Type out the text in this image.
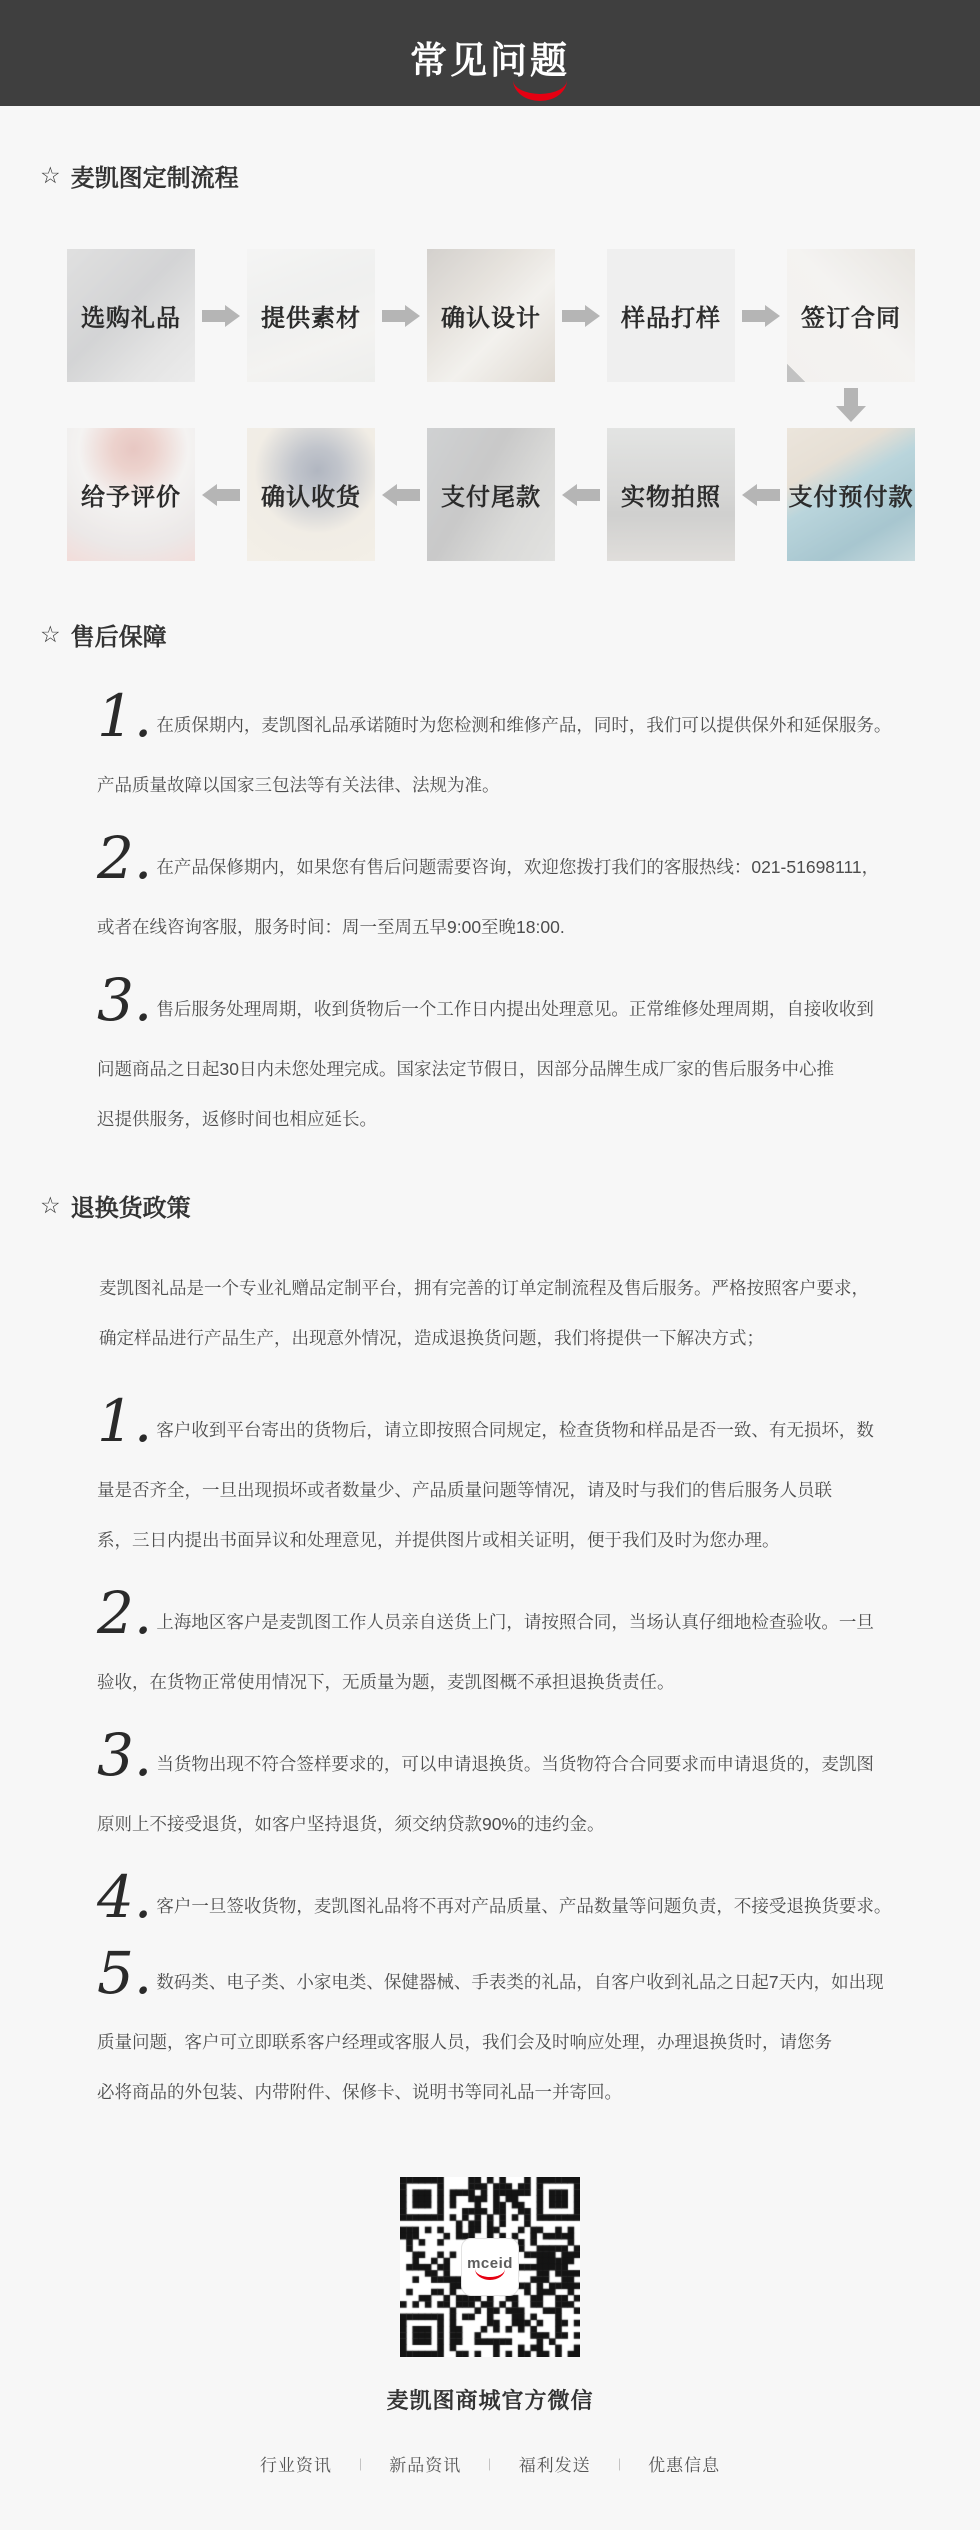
常见问题
☆ 麦凯图定制流程
选购礼品	提供素材	确认设计	样品打样	签订合同
给予评价	确认收货	支付尾款	实物拍照	支付预付款
☆ 售后保障
1. 在质保期内，麦凯图礼品承诺随时为您检测和维修产品，同时，我们可以提供保外和延保服务。
产品质量故障以国家三包法等有关法律、法规为准。
2. 在产品保修期内，如果您有售后问题需要咨询，欢迎您拨打我们的客服热线：021-51698111，
或者在线咨询客服，服务时间：周一至周五早9:00至晚18:00.
3. 售后服务处理周期，收到货物后一个工作日内提出处理意见。正常维修处理周期，自接收收到
问题商品之日起30日内未您处理完成。国家法定节假日，因部分品牌生成厂家的售后服务中心推
迟提供服务，返修时间也相应延长。
☆ 退换货政策
麦凯图礼品是一个专业礼赠品定制平台，拥有完善的订单定制流程及售后服务。严格按照客户要求，
确定样品进行产品生产，出现意外情况，造成退换货问题，我们将提供一下解决方式；
1. 客户收到平台寄出的货物后，请立即按照合同规定，检查货物和样品是否一致、有无损坏，数
量是否齐全，一旦出现损坏或者数量少、产品质量问题等情况，请及时与我们的售后服务人员联
系，三日内提出书面异议和处理意见，并提供图片或相关证明，便于我们及时为您办理。
2. 上海地区客户是麦凯图工作人员亲自送货上门，请按照合同，当场认真仔细地检查验收。一旦
验收，在货物正常使用情况下，无质量为题，麦凯图概不承担退换货责任。
3. 当货物出现不符合签样要求的，可以申请退换货。当货物符合合同要求而申请退货的，麦凯图
原则上不接受退货，如客户坚持退货，须交纳贷款90%的违约金。
4. 客户一旦签收货物，麦凯图礼品将不再对产品质量、产品数量等问题负责，不接受退换货要求。
5. 数码类、电子类、小家电类、保健器械、手表类的礼品，自客户收到礼品之日起7天内，如出现
质量问题，客户可立即联系客户经理或客服人员，我们会及时响应处理，办理退换货时，请您务
必将商品的外包装、内带附件、保修卡、说明书等同礼品一并寄回。
mceid
麦凯图商城官方微信
行业资讯 | 新品资讯 | 福利发送 | 优惠信息
